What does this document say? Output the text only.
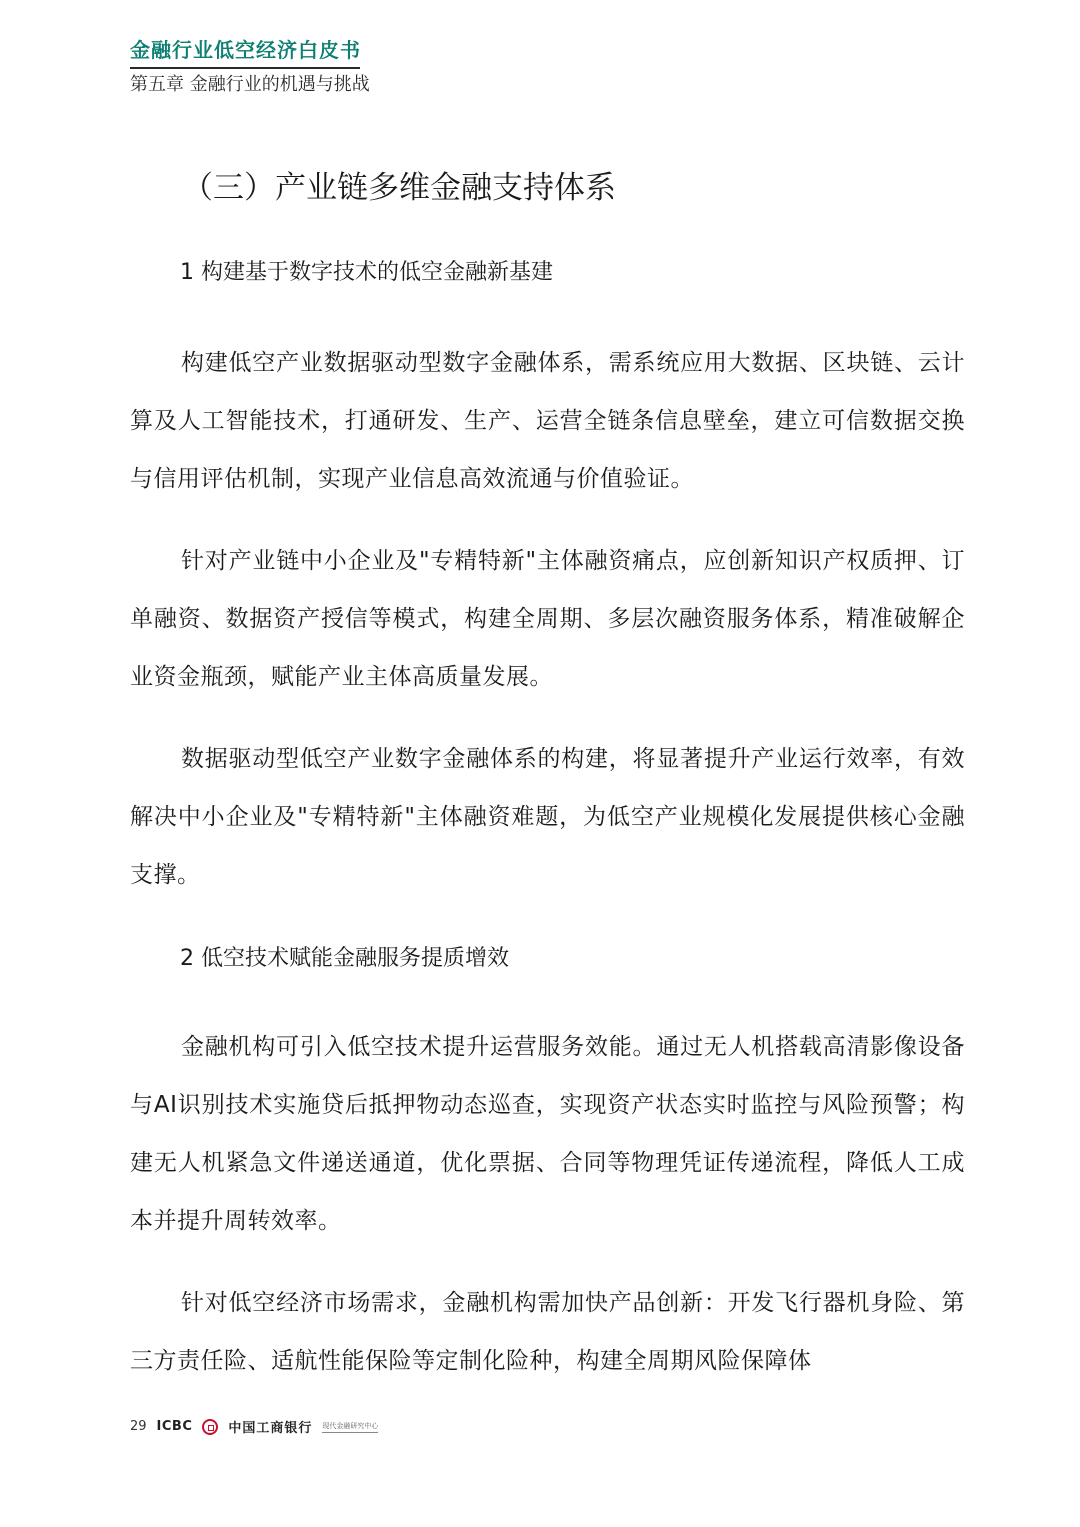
金融行业低空经济白皮书
第五章 金融行业的机遇与挑战
（三）产业链多维金融支持体系
1 构建基于数字技术的低空金融新基建

构建低空产业数据驱动型数字金融体系，需系统应用大数据、区块链、云计算及人工智能技术，打通研发、生产、运营全链条信息壁垒，建立可信数据交换与信用评估机制，实现产业信息高效流通与价值验证。

针对产业链中小企业及"专精特新"主体融资痛点，应创新知识产权质押、订单融资、数据资产授信等模式，构建全周期、多层次融资服务体系，精准破解企业资金瓶颈，赋能产业主体高质量发展。

数据驱动型低空产业数字金融体系的构建，将显著提升产业运行效率，有效解决中小企业及"专精特新"主体融资难题，为低空产业规模化发展提供核心金融支撑。

2 低空技术赋能金融服务提质增效

金融机构可引入低空技术提升运营服务效能。通过无人机搭载高清影像设备与AI识别技术实施贷后抵押物动态巡查，实现资产状态实时监控与风险预警；构建无人机紧急文件递送通道，优化票据、合同等物理凭证传递流程，降低人工成本并提升周转效率。

针对低空经济市场需求，金融机构需加快产品创新：开发飞行器机身险、第三方责任险、适航性能保险等定制化险种，构建全周期风险保障体

29 ICBC	中国工商银行 现代金融研究中心
